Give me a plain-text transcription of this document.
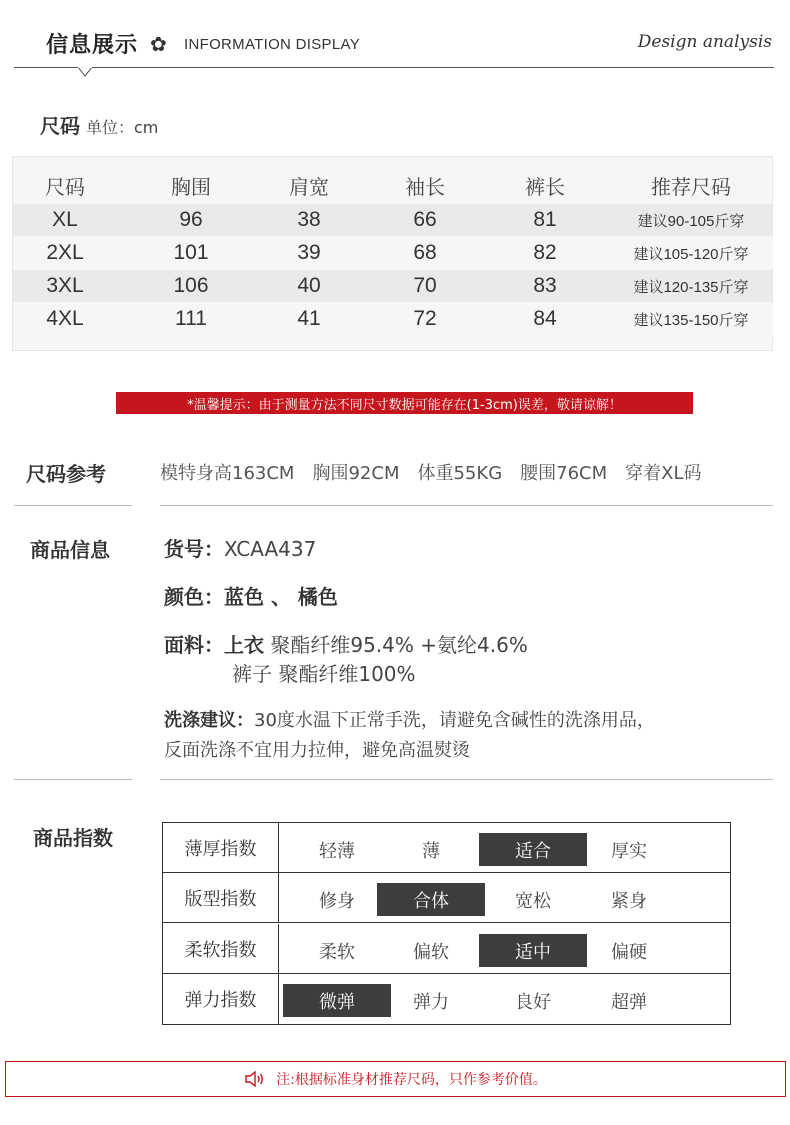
信息展示 ✿ INFORMATION DISPLAY	Design analysis
尺码 单位：cm
尺码	胸围	肩宽	袖长	裤长	推荐尺码
XL	96	38	66	81	建议90-105斤穿
2XL	101	39	68	82	建议105-120斤穿
3XL	106	40	70	83	建议120-135斤穿
4XL	111	41	72	84	建议135-150斤穿
*温馨提示：由于测量方法不同尺寸数据可能存在(1-3cm)误差，敬请谅解！
尺码参考	模特身高163CM 胸围92CM 体重55KG 腰围76CM 穿着XL码
商品信息	货号：XCAA437
颜色：蓝色 、 橘色
面料：上衣 聚酯纤维95.4% +氨纶4.6%
裤子 聚酯纤维100%
洗涤建议：30度水温下正常手洗，请避免含碱性的洗涤用品，
反面洗涤不宜用力拉伸，避免高温熨烫
商品指数	薄厚指数	轻薄	薄	适合	厚实
版型指数	修身	合体	宽松	紧身
柔软指数	柔软	偏软	适中	偏硬
弹力指数	微弹	弹力	良好	超弹
注:根据标准身材推荐尺码，只作参考价值。
